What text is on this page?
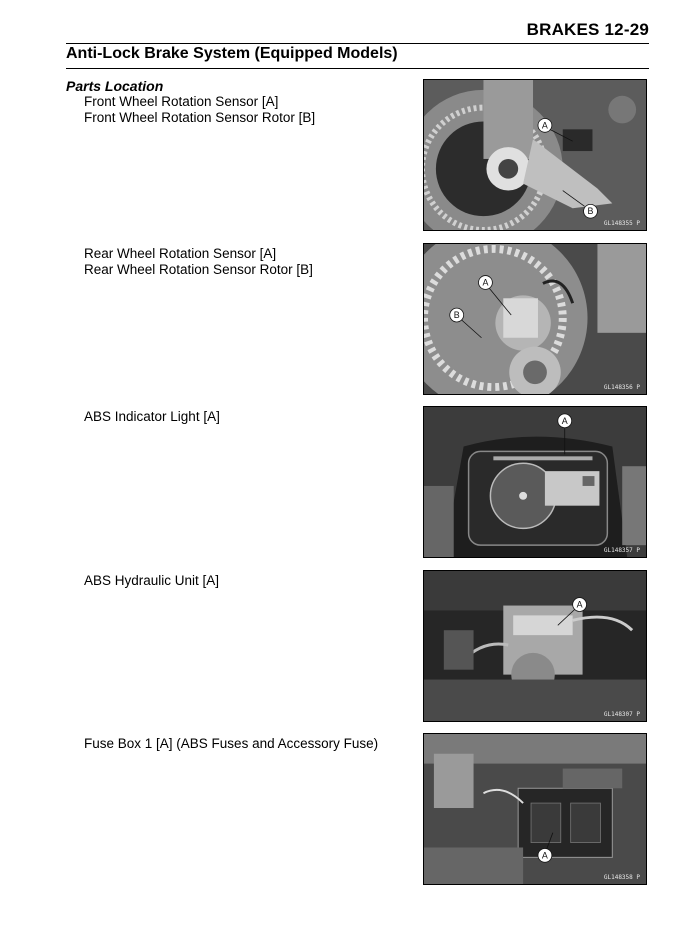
BRAKES 12-29
Anti-Lock Brake System (Equipped Models)
Parts Location
Front Wheel Rotation Sensor [A]
Front Wheel Rotation Sensor Rotor [B]
A
B
GL148355 P
Rear Wheel Rotation Sensor [A]
Rear Wheel Rotation Sensor Rotor [B]
A
B
GL148356 P
ABS Indicator Light [A]	A
GL148357 P
ABS Hydraulic Unit [A]
A
GL148307 P
Fuse Box 1 [A] (ABS Fuses and Accessory Fuse)
A
GL148358 P
